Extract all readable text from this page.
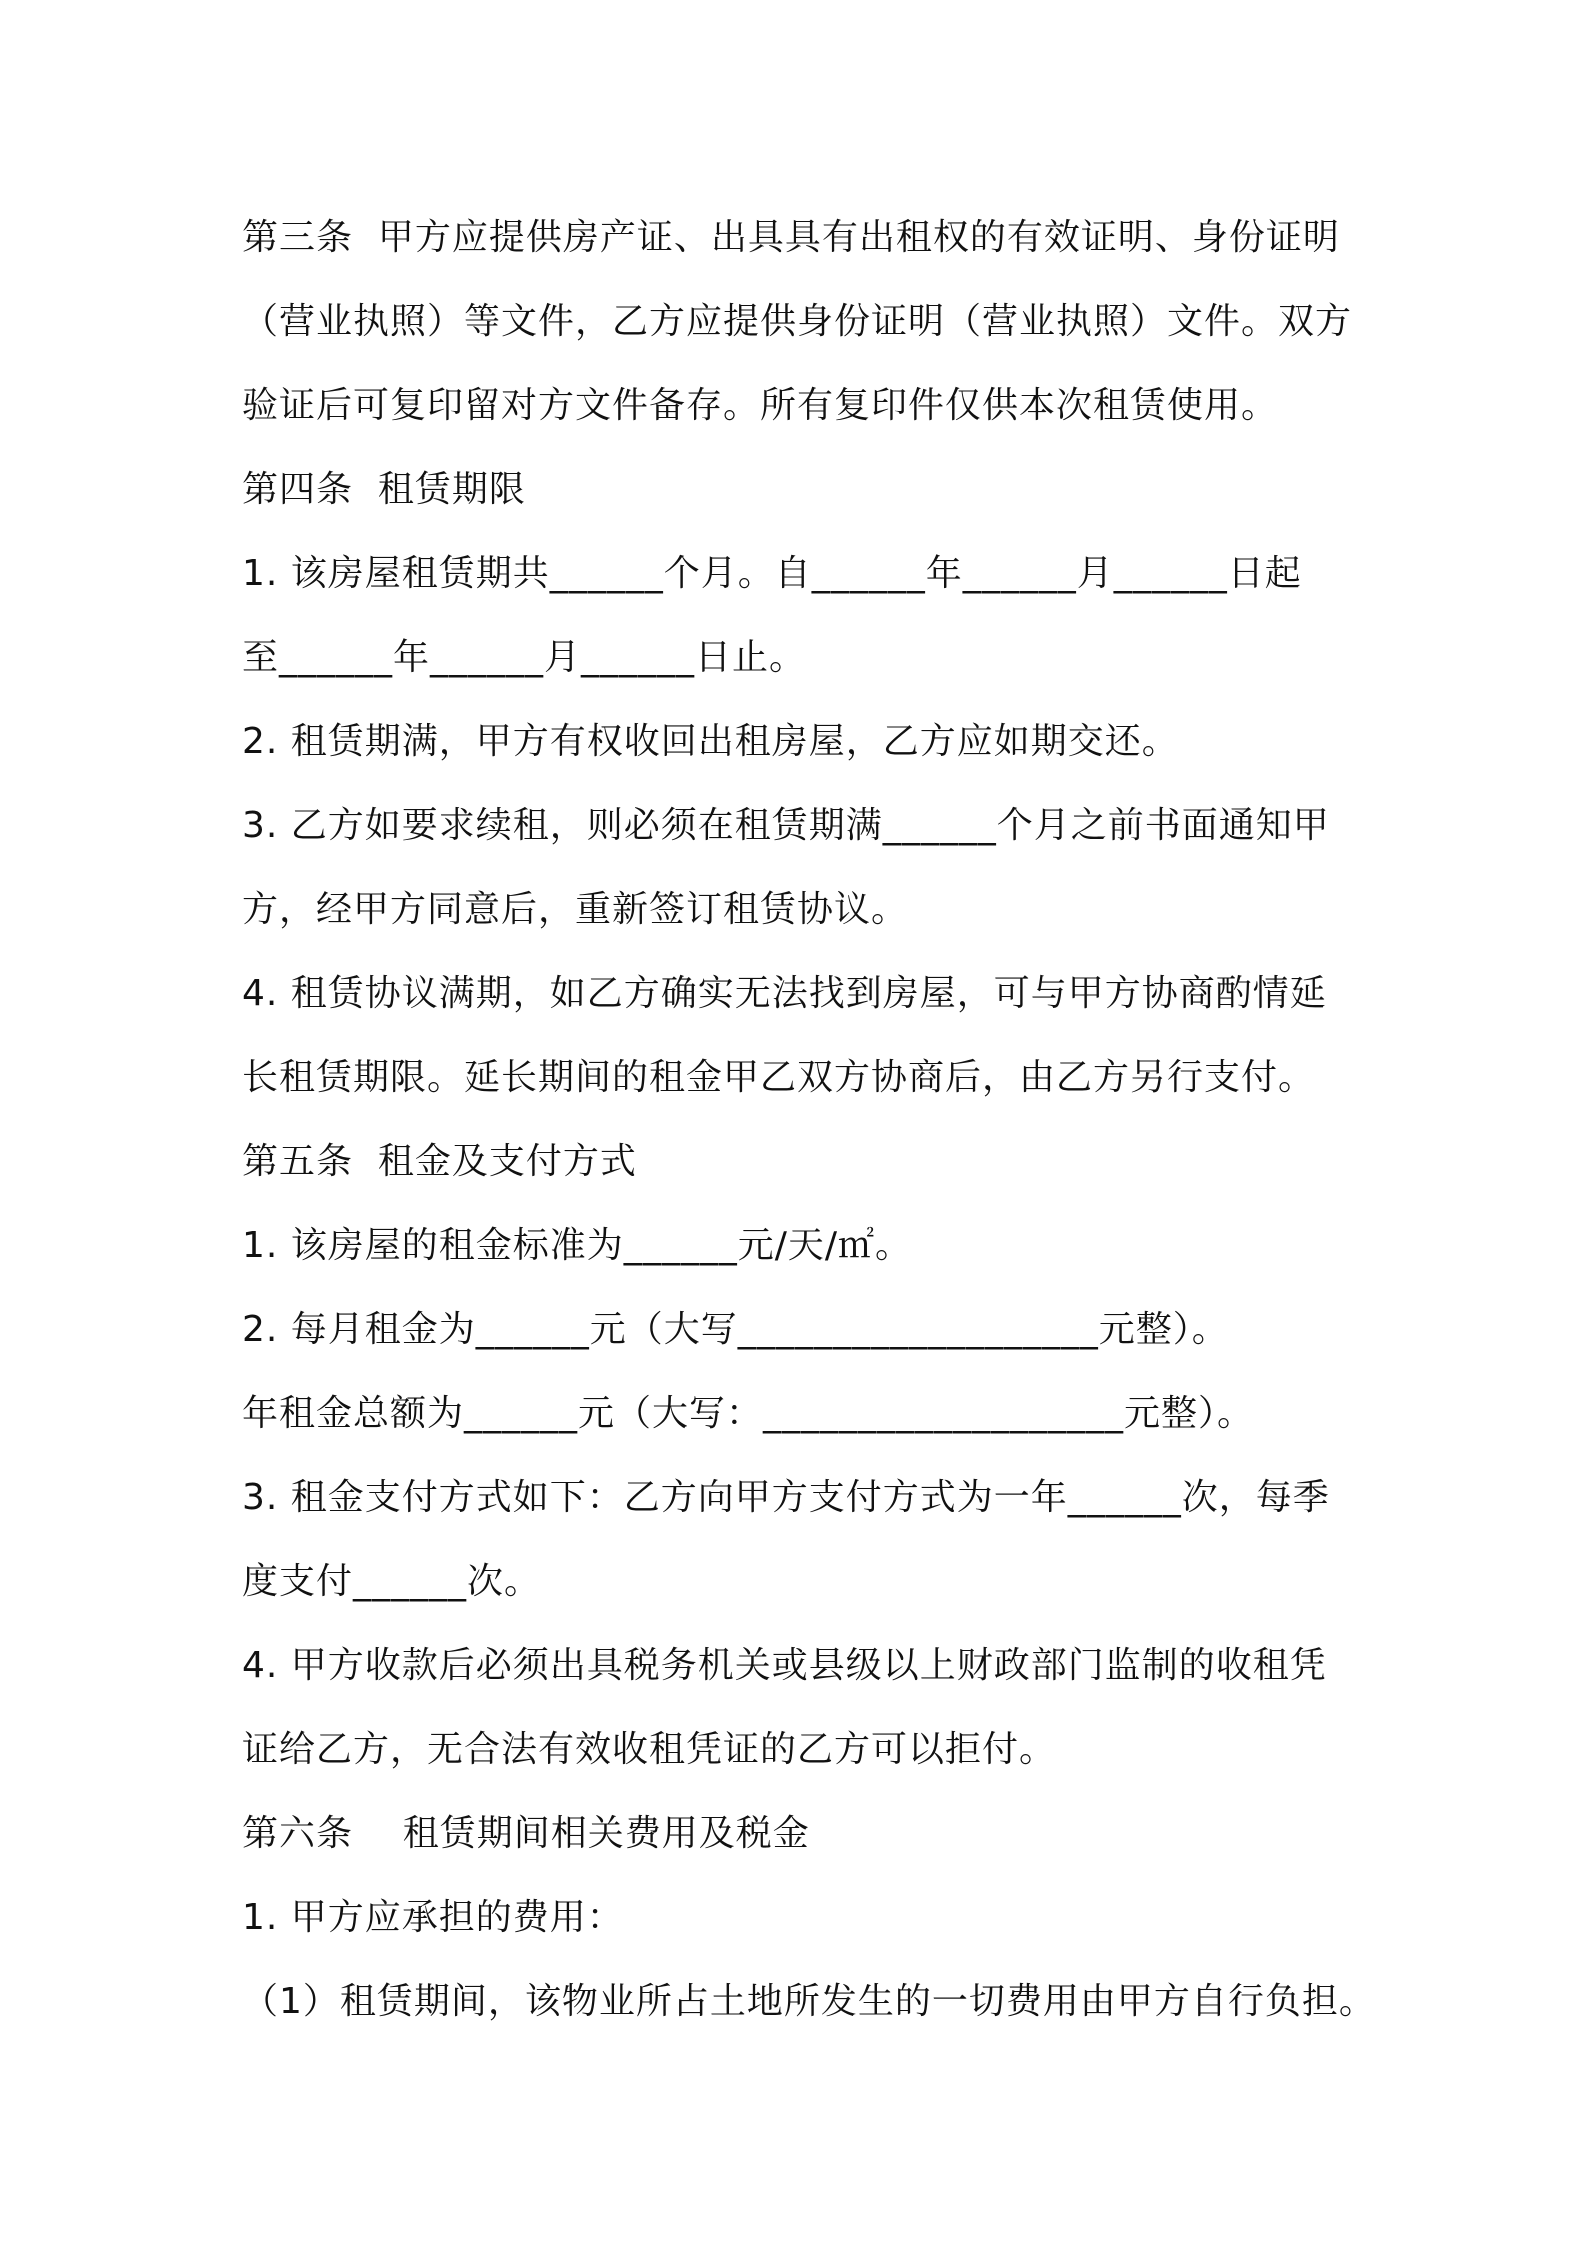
第三条  甲方应提供房产证、出具具有出租权的有效证明、身份证明
（营业执照）等文件，乙方应提供身份证明（营业执照）文件。双方
验证后可复印留对方文件备存。所有复印件仅供本次租赁使用。
第四条  租赁期限
1. 该房屋租赁期共______个月。自______年______月______日起
至______年______月______日止。
2. 租赁期满，甲方有权收回出租房屋，乙方应如期交还。
3. 乙方如要求续租，则必须在租赁期满______个月之前书面通知甲
方，经甲方同意后，重新签订租赁协议。
4. 租赁协议满期，如乙方确实无法找到房屋，可与甲方协商酌情延
长租赁期限。延长期间的租金甲乙双方协商后，由乙方另行支付。
第五条  租金及支付方式
1. 该房屋的租金标准为______元/天/㎡。
2. 每月租金为______元（大写___________________元整）。
年租金总额为______元（大写：___________________元整）。
3. 租金支付方式如下：乙方向甲方支付方式为一年______次，每季
度支付______次。
4. 甲方收款后必须出具税务机关或县级以上财政部门监制的收租凭
证给乙方，无合法有效收租凭证的乙方可以拒付。
第六条    租赁期间相关费用及税金
1. 甲方应承担的费用：
（1）租赁期间，该物业所占土地所发生的一切费用由甲方自行负担。
